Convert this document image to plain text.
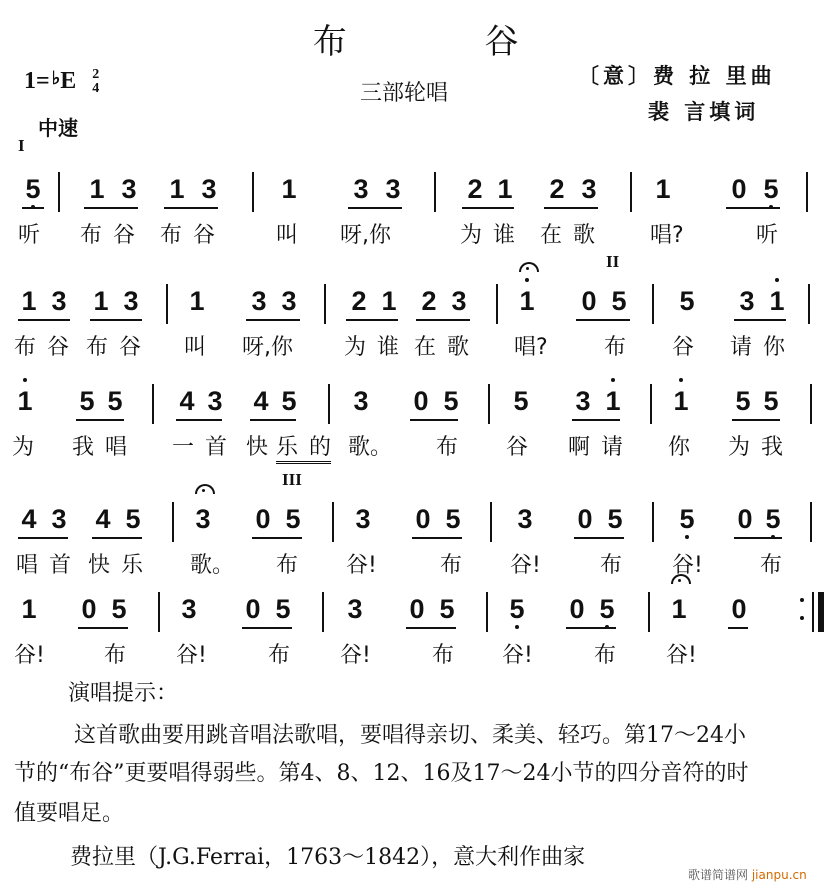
布	谷
1= ♭E 2
4
中速
三部轮唱
〔意〕费 拉 里曲
裴 言填词
I
II
III
5 1 3 1 3 1 3 3 2 1 2 3 1 0 5
听 布 谷 布 谷	叫 呀,你	为 谁 在 歌 唱?	听
1 3 1 3 1 3 3 2 1 2 3 1 0 5 5 3 1
布 谷 布 谷 叫 呀,你 为 谁 在 歌 唱?	布 谷 请 你
1 5 5 4 3 4 5 3 0 5 5 3 1 1 5 5
为 我 唱 一 首 快 乐 的 歌。 布 谷 啊 请 你 为 我
4 3 4 5 3 0 5 3 0 5 3 0 5 5 0 5
唱 首 快 乐 歌。 布 谷!	布 谷!	布 谷!	布
1 0 5 3 0 5 3 0 5 5 0 5 1 0
谷!	布 谷!	布 谷!	布 谷!	布 谷!
演唱提示：
这首歌曲要用跳音唱法歌唱，要唱得亲切、柔美、轻巧。第17～24小
节的“布谷”更要唱得弱些。第4、8、12、16及17～24小节的四分音符的时
值要唱足。
费拉里（J.G.Ferrai，1763～1842），意大利作曲家
歌谱简谱网 jianpu.cn
